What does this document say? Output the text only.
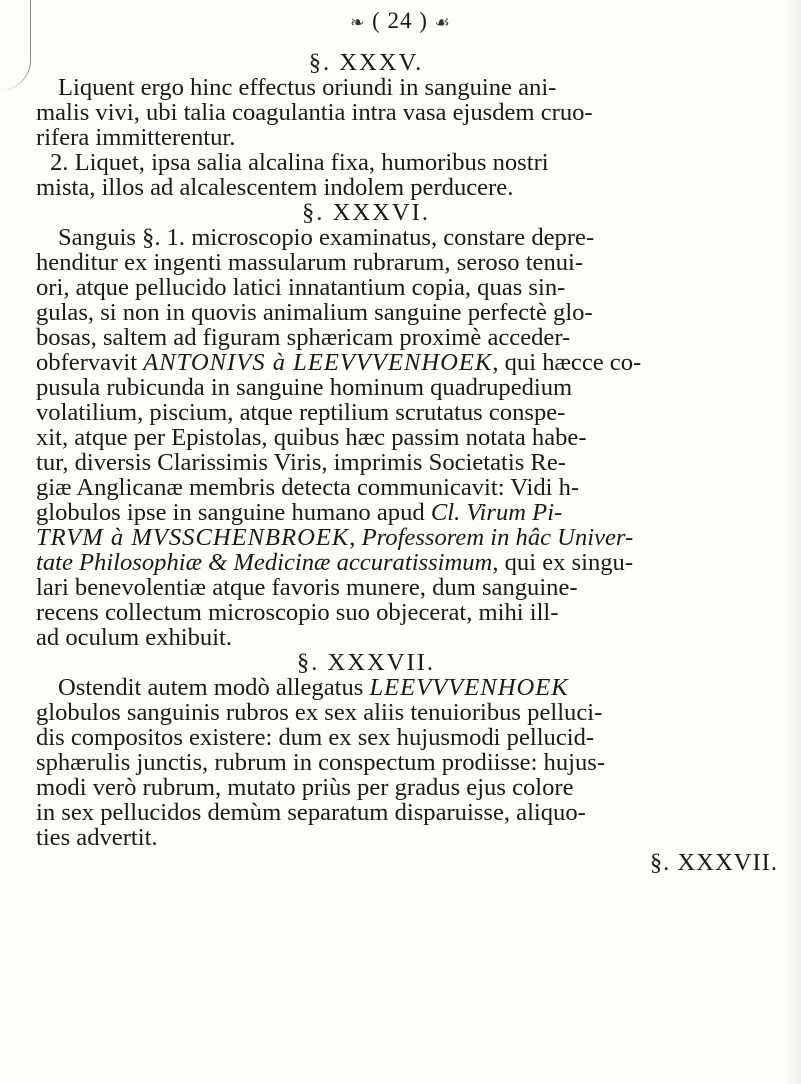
❧ ( 24 ) ☙
§. XXXV.
Liquent ergo hinc effectus oriundi in sanguine ani-
malis vivi, ubi talia coagulantia intra vasa ejusdem cruo-
rifera immitterentur.
2. Liquet, ipsa salia alcalina fixa, humoribus nostri
mista, illos ad alcalescentem indolem perducere.
§. XXXVI.
Sanguis §. 1. microscopio examinatus, constare depre-
henditur ex ingenti massularum rubrarum, seroso tenui-
ori, atque pellucido latici innatantium copia, quas sin-
gulas, si non in quovis animalium sanguine perfectè glo-
bosas, saltem ad figuram sphæricam proximè acceder-
obfervavit ANTONIVS à LEEVVVENHOEK, qui hæcce co-
pusula rubicunda in sanguine hominum quadrupedium
volatilium, piscium, atque reptilium scrutatus conspe-
xit, atque per Epistolas, quibus hæc passim notata habe-
tur, diversis Clarissimis Viris, imprimis Societatis Re-
giæ Anglicanæ membris detecta communicavit: Vidi h-
globulos ipse in sanguine humano apud Cl. Virum Pi-
TRVM à MVSSCHENBROEK, Professorem in hâc Univer-
tate Philosophiæ & Medicinæ accuratissimum, qui ex singu-
lari benevolentiæ atque favoris munere, dum sanguine-
recens collectum microscopio suo objecerat, mihi ill-
ad oculum exhibuit.
§. XXXVII.
Ostendit autem modò allegatus LEEVVVENHOEK
globulos sanguinis rubros ex sex aliis tenuioribus pelluci-
dis compositos existere: dum ex sex hujusmodi pellucid-
sphærulis junctis, rubrum in conspectum prodiisse: hujus-
modi verò rubrum, mutato priùs per gradus ejus colore
in sex pellucidos demùm separatum disparuisse, aliquo-
ties advertit.
§. XXXVII.
